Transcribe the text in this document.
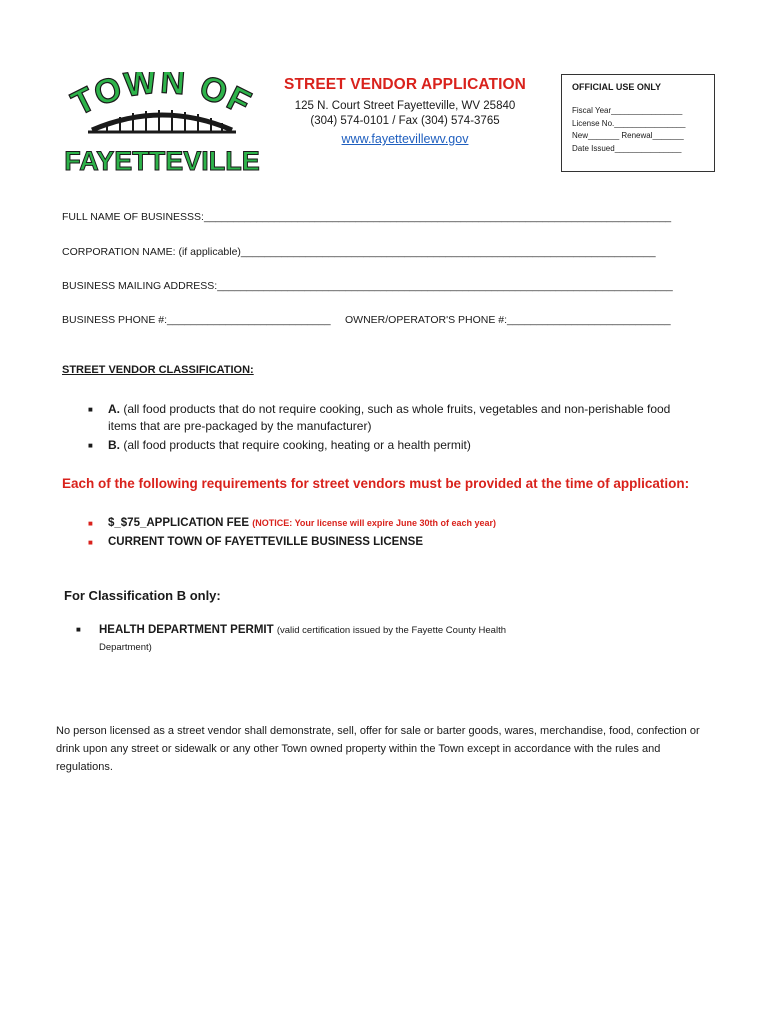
TOWN OF
FAYETTEVILLE
STREET VENDOR APPLICATION
125 N. Court Street Fayetteville, WV 25840
(304) 574-0101 / Fax (304) 574-3765
www.fayettevillewv.gov
OFFICIAL USE ONLY
Fiscal Year________________
License No.________________
New_______ Renewal_______
Date Issued_______________
FULL NAME OF BUSINESSS:________________________________________________________________________________
CORPORATION NAME: (if applicable)_______________________________________________________________________
BUSINESS MAILING ADDRESS:______________________________________________________________________________
BUSINESS PHONE #:____________________________	OWNER/OPERATOR'S PHONE #:____________________________
STREET VENDOR CLASSIFICATION:
■ A. (all food products that do not require cooking, such as whole fruits, vegetables and non-perishable food items that are pre-packaged by the manufacturer)
■ B. (all food products that require cooking, heating or a health permit)
Each of the following requirements for street vendors must be provided at the time of application:
■ $_$75_APPLICATION FEE (NOTICE: Your license will expire June 30th of each year)
■ CURRENT TOWN OF FAYETTEVILLE BUSINESS LICENSE
For Classification B only:
■ HEALTH DEPARTMENT PERMIT (valid certification issued by the Fayette County Health Department)
No person licensed as a street vendor shall demonstrate, sell, offer for sale or barter goods, wares, merchandise, food, confection or drink upon any street or sidewalk or any other Town owned property within the Town except in accordance with the rules and regulations.
